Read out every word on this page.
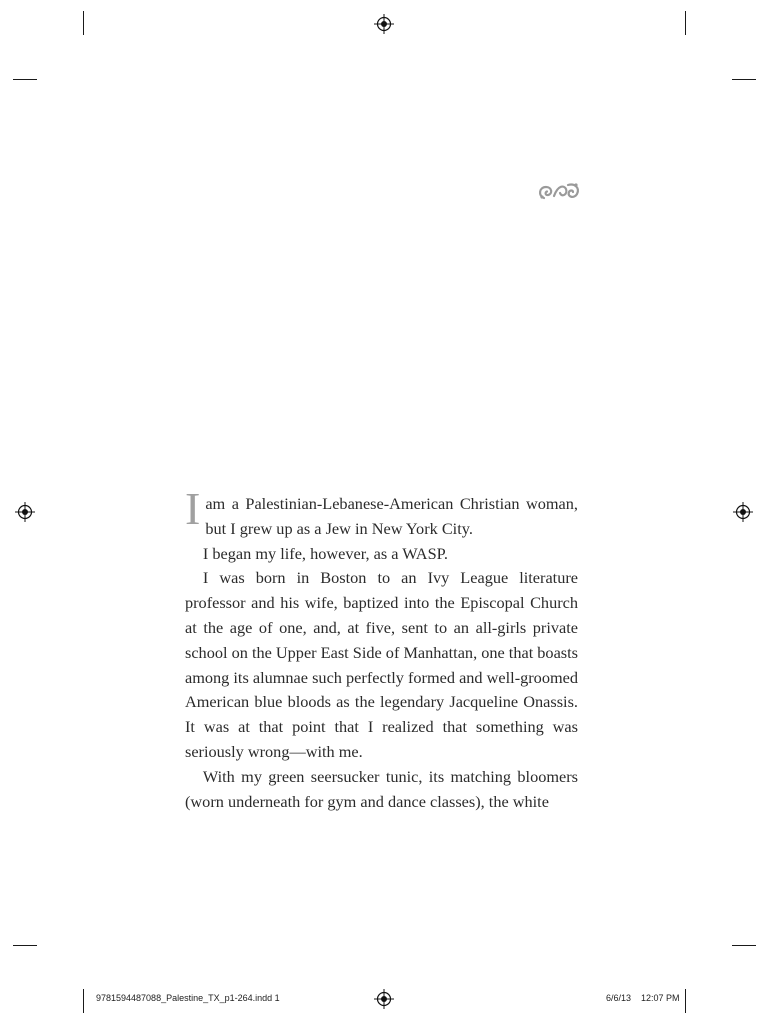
I am a Palestinian-Lebanese-American Christian woman, but I grew up as a Jew in New York City.

I began my life, however, as a WASP.

I was born in Boston to an Ivy League literature professor and his wife, baptized into the Episcopal Church at the age of one, and, at five, sent to an all-girls private school on the Upper East Side of Manhattan, one that boasts among its alumnae such perfectly formed and well-groomed American blue bloods as the legendary Jacqueline Onassis. It was at that point that I realized that something was seriously wrong—with me.

With my green seersucker tunic, its matching bloomers (worn underneath for gym and dance classes), the white

9781594487088_Palestine_TX_p1-264.indd 1	6/6/13 12:07 PM
